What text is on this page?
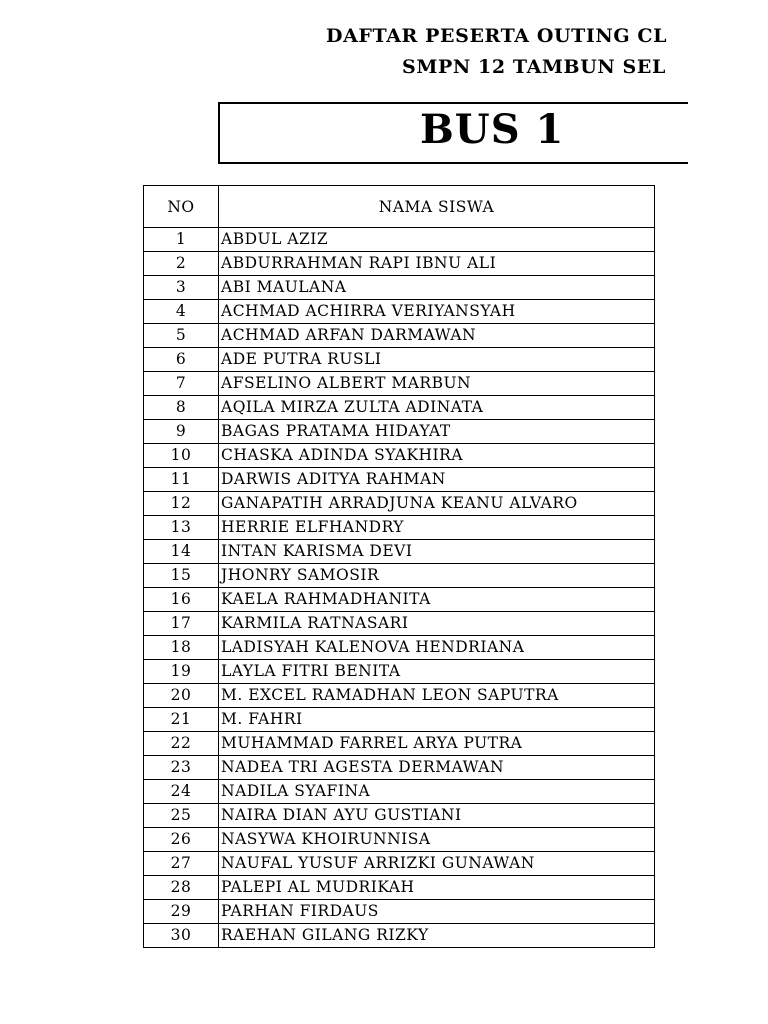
DAFTAR PESERTA OUTING CL
SMPN 12 TAMBUN SEL
BUS 1
NO	NAMA SISWA
1	ABDUL AZIZ
2	ABDURRAHMAN RAPI IBNU ALI
3	ABI MAULANA
4	ACHMAD ACHIRRA VERIYANSYAH
5	ACHMAD ARFAN DARMAWAN
6	ADE PUTRA RUSLI
7	AFSELINO ALBERT MARBUN
8	AQILA MIRZA ZULTA ADINATA
9	BAGAS PRATAMA HIDAYAT
10	CHASKA ADINDA SYAKHIRA
11	DARWIS ADITYA RAHMAN
12	GANAPATIH ARRADJUNA KEANU ALVARO
13	HERRIE ELFHANDRY
14	INTAN KARISMA DEVI
15	JHONRY SAMOSIR
16	KAELA RAHMADHANITA
17	KARMILA RATNASARI
18	LADISYAH KALENOVA HENDRIANA
19	LAYLA FITRI BENITA
20	M. EXCEL RAMADHAN LEON SAPUTRA
21	M. FAHRI
22	MUHAMMAD FARREL ARYA PUTRA
23	NADEA TRI AGESTA DERMAWAN
24	NADILA SYAFINA
25	NAIRA DIAN AYU GUSTIANI
26	NASYWA KHOIRUNNISA
27	NAUFAL YUSUF ARRIZKI GUNAWAN
28	PALEPI AL MUDRIKAH
29	PARHAN FIRDAUS
30	RAEHAN GILANG RIZKY
